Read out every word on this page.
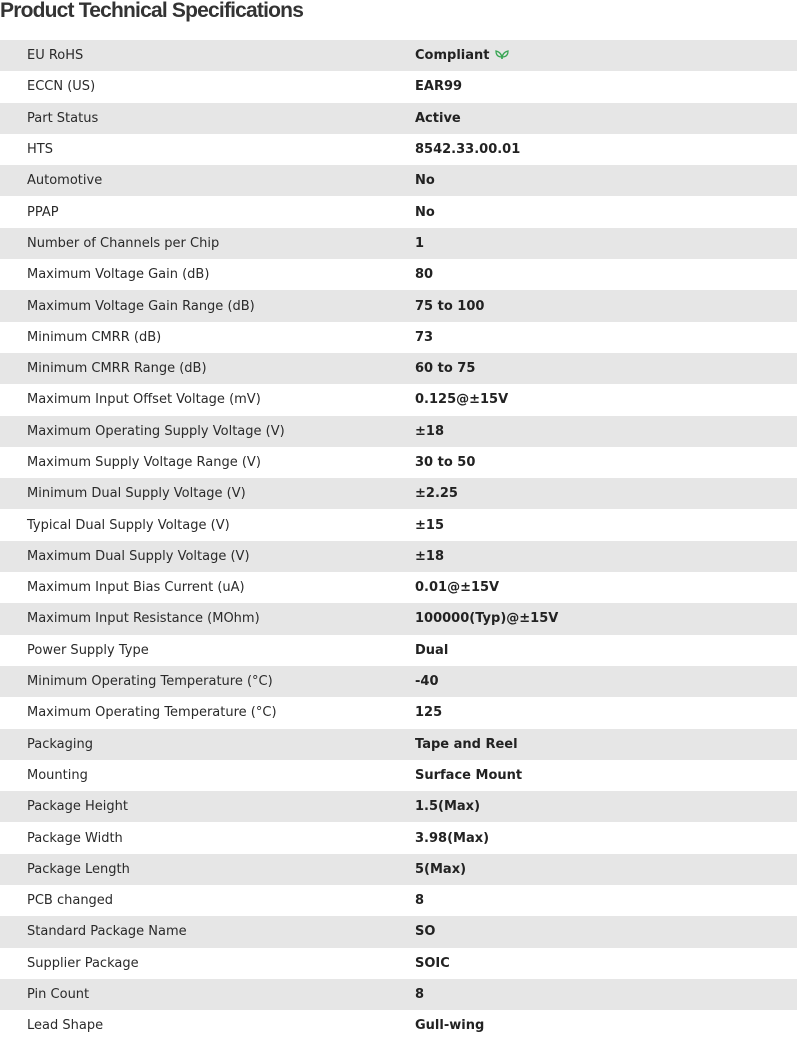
Product Technical Specifications
EU RoHS	Compliant
ECCN (US)	EAR99
Part Status	Active
HTS	8542.33.00.01
Automotive	No
PPAP	No
Number of Channels per Chip	1
Maximum Voltage Gain (dB)	80
Maximum Voltage Gain Range (dB)	75 to 100
Minimum CMRR (dB)	73
Minimum CMRR Range (dB)	60 to 75
Maximum Input Offset Voltage (mV)	0.125@±15V
Maximum Operating Supply Voltage (V)	±18
Maximum Supply Voltage Range (V)	30 to 50
Minimum Dual Supply Voltage (V)	±2.25
Typical Dual Supply Voltage (V)	±15
Maximum Dual Supply Voltage (V)	±18
Maximum Input Bias Current (uA)	0.01@±15V
Maximum Input Resistance (MOhm)	100000(Typ)@±15V
Power Supply Type	Dual
Minimum Operating Temperature (°C)	-40
Maximum Operating Temperature (°C)	125
Packaging	Tape and Reel
Mounting	Surface Mount
Package Height	1.5(Max)
Package Width	3.98(Max)
Package Length	5(Max)
PCB changed	8
Standard Package Name	SO
Supplier Package	SOIC
Pin Count	8
Lead Shape	Gull-wing
